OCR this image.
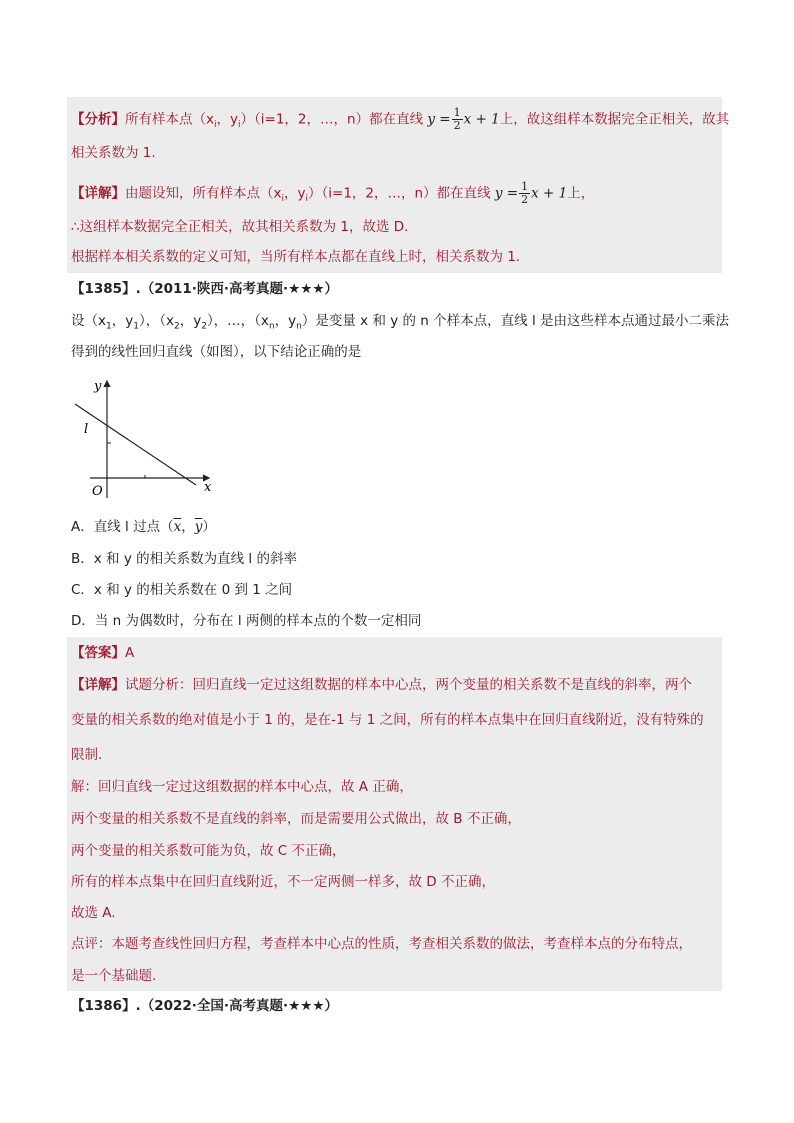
【分析】所有样本点（$x_i$，$y_i)(i=1$，2，…，n）都在直线 $y = \frac{1}{2}$ x + 1上，故这组样本数据完全正相关，故其
相关系数为 1.
【详解】由题设知，所有样本点（$x_i$，$y_i)(i=1$，2，…，n）都在直线 $y = \frac{1}{2}$ x + 1上，
∴这组样本数据完全正相关，故其相关系数为 1，故选 D.
根据样本相关系数的定义可知，当所有样本点都在直线上时，相关系数为 1.
【1385】.（2011·陕西·高考真题·★★★）
设（$x_1$，$y_1$），（$x_2$，$y_2$），…，（$x_n$，$y_n$）是变量 x 和 y 的 n 个样本点，直线 l 是由这些样本点通过最小二乘法
得到的线性回归直线（如图），以下结论正确的是
y
x
O
l
A．直线 l 过点（$\overline{x}$，$\overline{y}$）
B．x 和 y 的相关系数为直线 l 的斜率
C．x 和 y 的相关系数在 0 到 1 之间
D．当 n 为偶数时，分布在 l 两侧的样本点的个数一定相同
【答案】A
【详解】试题分析：回归直线一定过这组数据的样本中心点，两个变量的相关系数不是直线的斜率，两个
变量的相关系数的绝对值是小于 1 的，是在-1 与 1 之间，所有的样本点集中在回归直线附近，没有特殊的
限制.
解：回归直线一定过这组数据的样本中心点，故 A 正确，
两个变量的相关系数不是直线的斜率，而是需要用公式做出，故 B 不正确，
两个变量的相关系数可能为负，故 C 不正确，
所有的样本点集中在回归直线附近，不一定两侧一样多，故 D 不正确，
故选 A.
点评：本题考查线性回归方程，考查样本中心点的性质，考查相关系数的做法，考查样本点的分布特点，
是一个基础题.
【1386】.（2022·全国·高考真题·★★★）
